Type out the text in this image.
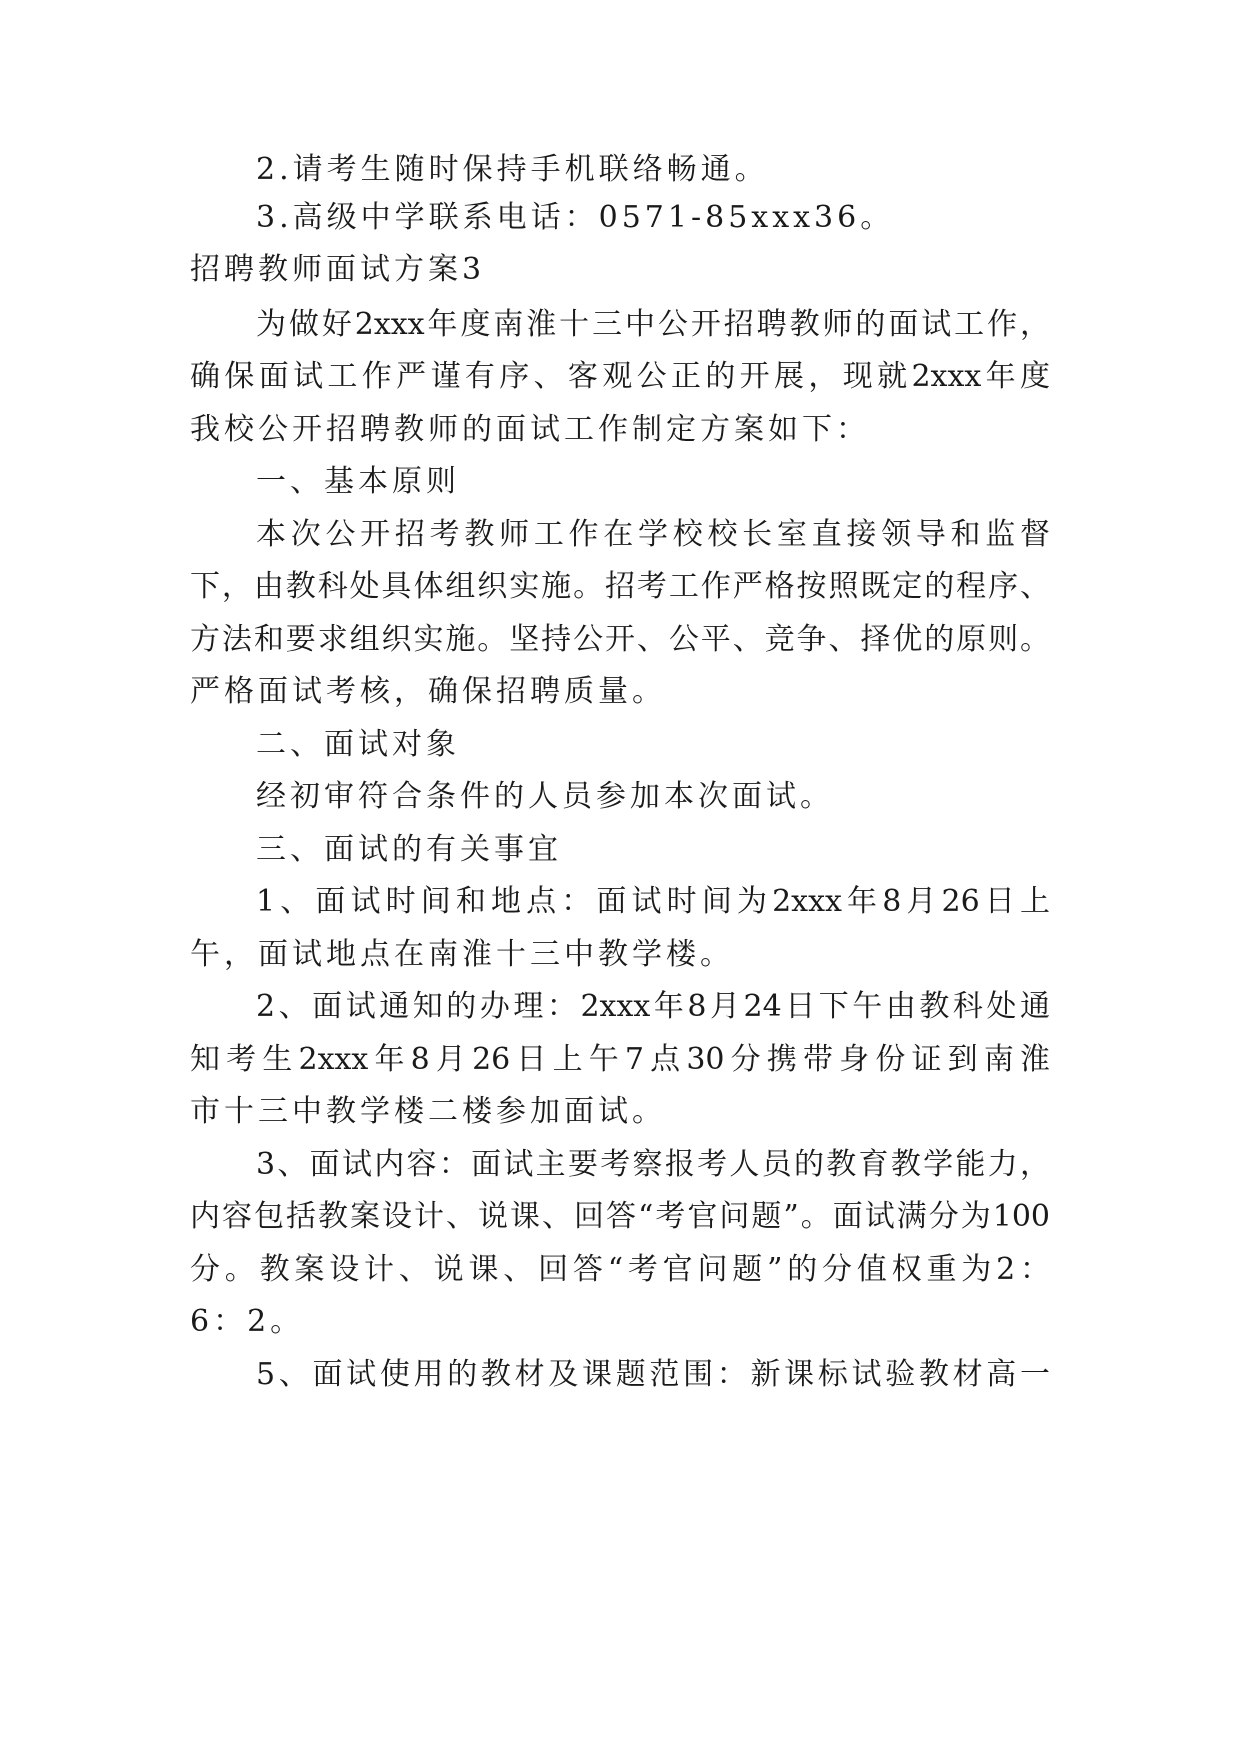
2.请考生随时保持手机联络畅通。
3.高级中学联系电话：0571-85xxx36。
招聘教师面试方案3
为做好2xxx年度南淮十三中公开招聘教师的面试工作，
确保面试工作严谨有序、客观公正的开展，现就2xxx年度
我校公开招聘教师的面试工作制定方案如下：
一、基本原则
本次公开招考教师工作在学校校长室直接领导和监督
下，由教科处具体组织实施。招考工作严格按照既定的程序、
方法和要求组织实施。坚持公开、公平、竞争、择优的原则。
严格面试考核，确保招聘质量。
二、面试对象
经初审符合条件的人员参加本次面试。
三、面试的有关事宜
1、面试时间和地点：面试时间为2xxx年8月26日上
午，面试地点在南淮十三中教学楼。
2、面试通知的办理：2xxx年8月24日下午由教科处通
知考生2xxx年8月26日上午7点30分携带身份证到南淮
市十三中教学楼二楼参加面试。
3、面试内容：面试主要考察报考人员的教育教学能力，
内容包括教案设计、说课、回答“考官问题”。面试满分为100
分。教案设计、说课、回答“考官问题”的分值权重为2：
6：2。
5、面试使用的教材及课题范围：新课标试验教材高一
